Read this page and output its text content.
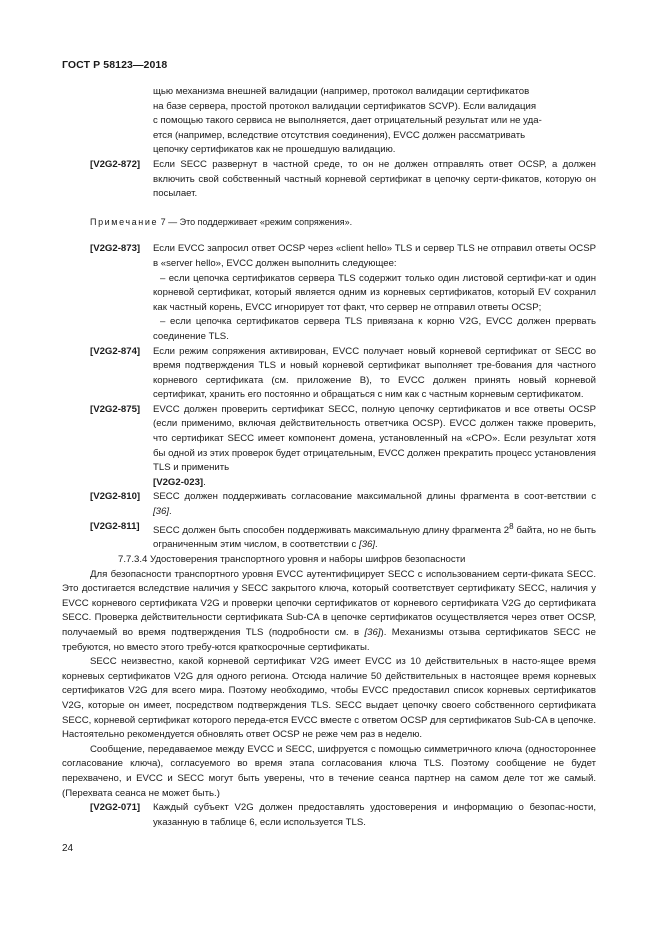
ГОСТ Р 58123—2018
щью механизма внешней валидации (например, протокол валидации сертификатов
на базе сервера, простой протокол валидации сертификатов SCVP). Если валидация
с помощью такого сервиса не выполняется, дает отрицательный результат или не уда-
ется (например, вследствие отсутствия соединения), EVCC должен рассматривать
цепочку сертификатов как не прошедшую валидацию.
[V2G2-872]	Если SECC развернут в частной среде, то он не должен отправлять ответ OCSP, а должен включить свой собственный частный корневой сертификат в цепочку серти-фикатов, которую он посылает.
Примечание 7 — Это поддерживает «режим сопряжения».
[V2G2-873]	Если EVCC запросил ответ OCSP через «client hello» TLS и сервер TLS не отправил ответы OCSP в «server hello», EVCC должен выполнить следующее:
– если цепочка сертификатов сервера TLS содержит только один листовой сертифи-кат и один корневой сертификат, который является одним из корневых сертификатов, который EV сохранил как частный корень, EVCC игнорирует тот факт, что сервер не отправил ответы OCSP;
– если цепочка сертификатов сервера TLS привязана к корню V2G, EVCC должен прервать соединение TLS.
[V2G2-874]	Если режим сопряжения активирован, EVCC получает новый корневой сертификат от SECC во время подтверждения TLS и новый корневой сертификат выполняет тре-бования для частного корневого сертификата (см. приложение В), то EVCC должен принять новый корневой сертификат, хранить его постоянно и обращаться с ним как с частным корневым сертификатом.
[V2G2-875]	EVCC должен проверить сертификат SECC, полную цепочку сертификатов и все ответы OCSP (если применимо, включая действительность ответчика OCSP). EVCC должен также проверить, что сертификат SECC имеет компонент домена, установленный на «CPO». Если результат хотя бы одной из этих проверок будет отрицательным, EVCC должен прекратить процесс установления TLS и применить
[V2G2-023].
[V2G2-810]	SECC должен поддерживать согласование максимальной длины фрагмента в соот-ветствии с [36].
[V2G2-811]	SECC должен быть способен поддерживать максимальную длину фрагмента $2^8$ байта, но не быть ограниченным этим числом, в соответствии с [36].
7.7.3.4 Удостоверения транспортного уровня и наборы шифров безопасности
Для безопасности транспортного уровня EVCC аутентифицирует SECC с использованием серти-фиката SECC. Это достигается вследствие наличия у SECC закрытого ключа, который соответствует сертификату SECC, наличия у EVCC корневого сертификата V2G и проверки цепочки сертификатов от корневого сертификата V2G до сертификата SECC. Проверка действительности сертификата Sub-CA в цепочке сертификатов осуществляется через ответ OCSP, получаемый во время подтверждения TLS (подробности см. в [36]). Механизмы отзыва сертификатов SECC не требуются, но вместо этого требу-ются краткосрочные сертификаты.
SECC неизвестно, какой корневой сертификат V2G имеет EVCC из 10 действительных в насто-ящее время корневых сертификатов V2G для одного региона. Отсюда наличие 50 действительных в настоящее время корневых сертификатов V2G для всего мира. Поэтому необходимо, чтобы EVCC предоставил список корневых сертификатов V2G, которые он имеет, посредством подтверждения TLS. SECC выдает цепочку своего собственного сертификата SECC, корневой сертификат которого переда-ется EVCC вместе с ответом OCSP для сертификатов Sub-CA в цепочке. Настоятельно рекомендуется обновлять ответ OCSP не реже чем раз в неделю.
Сообщение, передаваемое между EVCC и SECC, шифруется с помощью симметричного ключа (одностороннее согласование ключа), согласуемого во время этапа согласования ключа TLS. Поэтому сообщение не будет перехвачено, и EVCC и SECC могут быть уверены, что в течение сеанса партнер на самом деле тот же самый. (Перехвата сеанса не может быть.)
[V2G2-071]	Каждый субъект V2G должен предоставлять удостоверения и информацию о безопас-ности, указанную в таблице 6, если используется TLS.
24
